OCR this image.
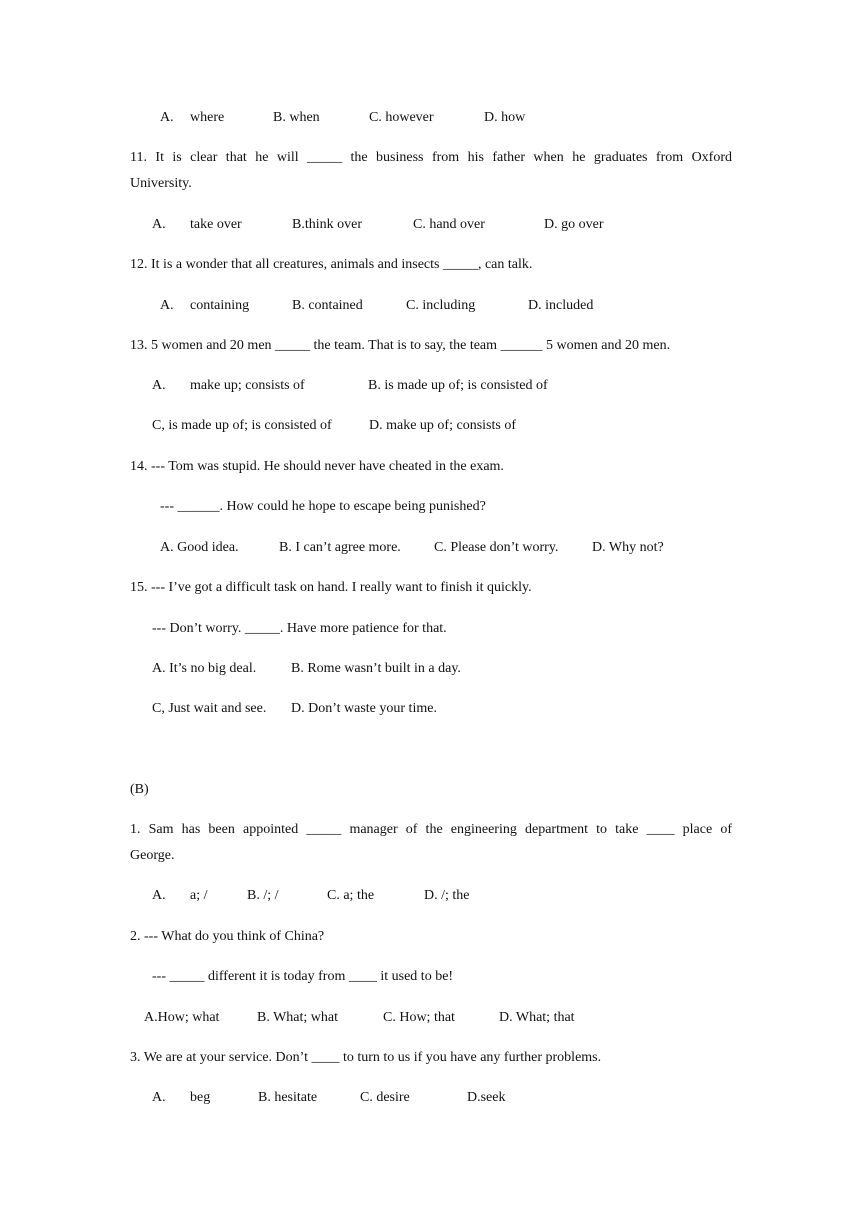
A. where	B. when	C. however	D. how
11. It is clear that he will _____ the business from his father when he graduates from Oxford
University.
A. take over	B.think over	C. hand over	D. go over
12. It is a wonder that all creatures, animals and insects _____, can talk.
A. containing	B. contained	C. including	D. included
13. 5 women and 20 men _____ the team. That is to say, the team ______ 5 women and 20 men.
A. make up; consists of	B. is made up of; is consisted of
C, is made up of; is consisted of	D. make up of; consists of
14. --- Tom was stupid. He should never have cheated in the exam.
--- ______. How could he hope to escape being punished?
A. Good idea.	B. I can’t agree more. C. Please don’t worry. D. Why not?
15. --- I’ve got a difficult task on hand. I really want to finish it quickly.
--- Don’t worry. _____. Have more patience for that.
A. It’s no big deal. B. Rome wasn’t built in a day.
C, Just wait and see. D. Don’t waste your time.
(B)
1. Sam has been appointed _____ manager of the engineering department to take ____ place of
George.
A. a; /	B. /; /	C. a; the	D. /; the
2. --- What do you think of China?
--- _____ different it is today from ____ it used to be!
A.How; what	B. What; what	C. How; that	D. What; that
3. We are at your service. Don’t ____ to turn to us if you have any further problems.
A. beg	B. hesitate	C. desire	D.seek
